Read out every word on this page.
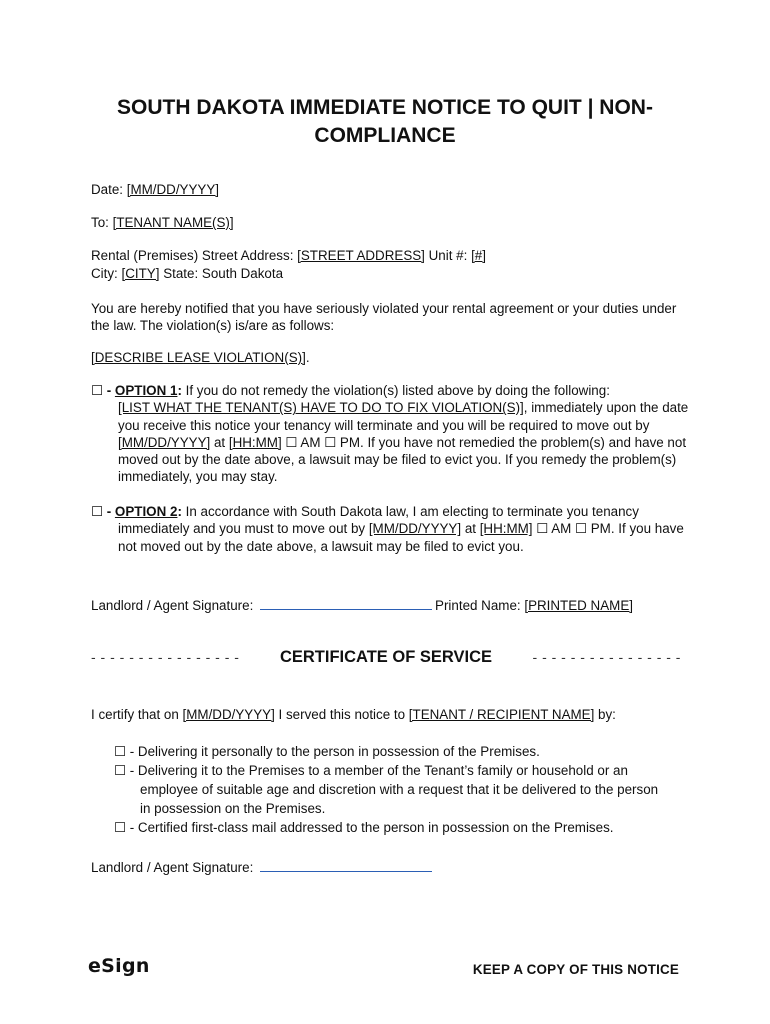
SOUTH DAKOTA IMMEDIATE NOTICE TO QUIT | NON-COMPLIANCE
Date: [MM/DD/YYYY]
To: [TENANT NAME(S)]
Rental (Premises) Street Address: [STREET ADDRESS] Unit #: [#]
City: [CITY] State: South Dakota
You are hereby notified that you have seriously violated your rental agreement or your duties under the law. The violation(s) is/are as follows:
[DESCRIBE LEASE VIOLATION(S)].
☐ - OPTION 1: If you do not remedy the violation(s) listed above by doing the following:
[LIST WHAT THE TENANT(S) HAVE TO DO TO FIX VIOLATION(S)], immediately upon the date you receive this notice your tenancy will terminate and you will be required to move out by [MM/DD/YYYY] at [HH:MM] ☐ AM ☐ PM. If you have not remedied the problem(s) and have not moved out by the date above, a lawsuit may be filed to evict you. If you remedy the problem(s) immediately, you may stay.
☐ - OPTION 2: In accordance with South Dakota law, I am electing to terminate you tenancy
immediately and you must to move out by [MM/DD/YYYY] at [HH:MM] ☐ AM ☐ PM. If you have not moved out by the date above, a lawsuit may be filed to evict you.
Landlord / Agent Signature:	Printed Name: [PRINTED NAME]
- - - - - - - - - - - - - - - - CERTIFICATE OF SERVICE	- - - - - - - - - - - - - - - -
I certify that on [MM/DD/YYYY] I served this notice to [TENANT / RECIPIENT NAME] by:
☐ - Delivering it personally to the person in possession of the Premises.
☐ - Delivering it to the Premises to a member of the Tenant’s family or household or an
employee of suitable age and discretion with a request that it be delivered to the person in possession on the Premises.
☐ - Certified first-class mail addressed to the person in possession on the Premises.
Landlord / Agent Signature:
eSign	KEEP A COPY OF THIS NOTICE
